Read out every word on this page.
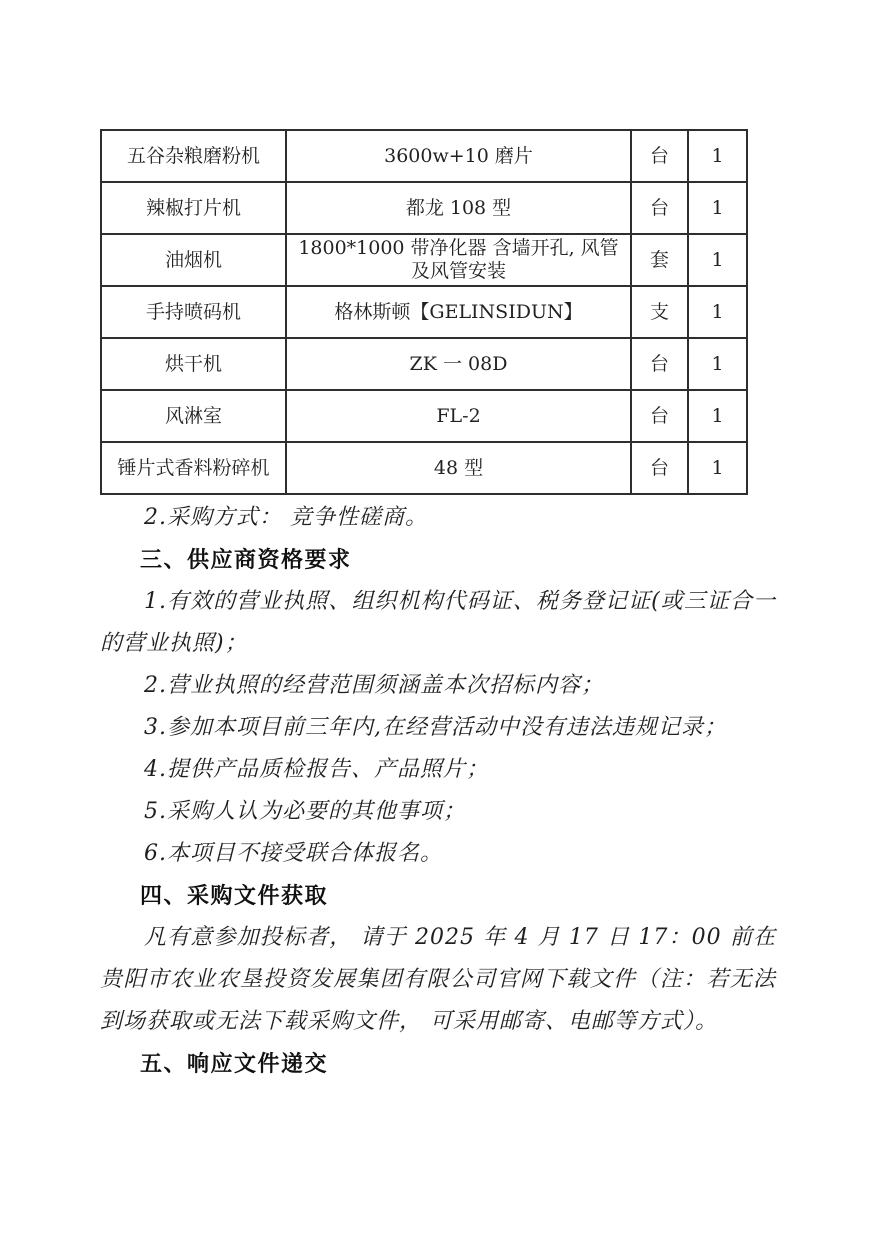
五谷杂粮磨粉机	3600w+10 磨片	台	1
辣椒打片机	都龙 108 型	台	1
油烟机	1800*1000 带净化器 含墙开孔, 风管及风管安装	套	1
手持喷码机	格林斯顿【GELINSIDUN】	支	1
烘干机	ZK 一 08D	台	1
风淋室	FL-2	台	1
锤片式香料粉碎机	48 型	台	1

2.采购方式： 竞争性磋商。

三、供应商资格要求

1.有效的营业执照、组织机构代码证、税务登记证(或三证合一的营业执照)；

2.营业执照的经营范围须涵盖本次招标内容；

3.参加本项目前三年内,在经营活动中没有违法违规记录；

4.提供产品质检报告、产品照片；

5.采购人认为必要的其他事项；

6.本项目不接受联合体报名。

四、采购文件获取

凡有意参加投标者， 请于 2025 年 4 月 17 日 17：00 前在贵阳市农业农垦投资发展集团有限公司官网下载文件（注：若无法到场获取或无法下载采购文件， 可采用邮寄、电邮等方式）。

五、响应文件递交
